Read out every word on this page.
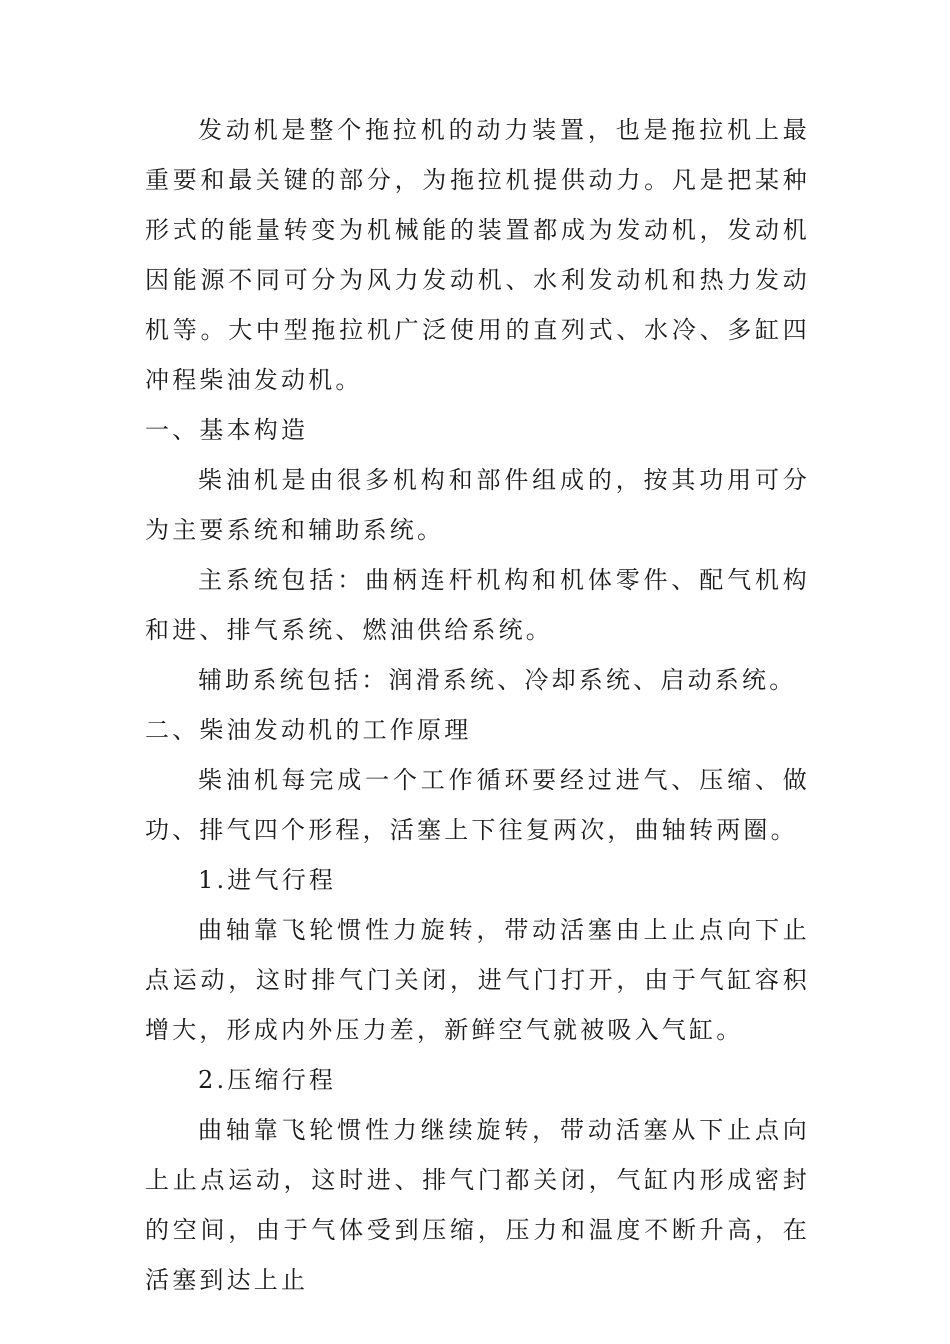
发动机是整个拖拉机的动力装置，也是拖拉机上最重要和最关键的部分，为拖拉机提供动力。凡是把某种形式的能量转变为机械能的装置都成为发动机，发动机因能源不同可分为风力发动机、水利发动机和热力发动机等。大中型拖拉机广泛使用的直列式、水冷、多缸四冲程柴油发动机。

一、基本构造

柴油机是由很多机构和部件组成的，按其功用可分为主要系统和辅助系统。

主系统包括：曲柄连杆机构和机体零件、配气机构和进、排气系统、燃油供给系统。

辅助系统包括：润滑系统、冷却系统、启动系统。

二、柴油发动机的工作原理

柴油机每完成一个工作循环要经过进气、压缩、做功、排气四个形程，活塞上下往复两次，曲轴转两圈。

1.进气行程

曲轴靠飞轮惯性力旋转，带动活塞由上止点向下止点运动，这时排气门关闭，进气门打开，由于气缸容积增大，形成内外压力差，新鲜空气就被吸入气缸。

2.压缩行程

曲轴靠飞轮惯性力继续旋转，带动活塞从下止点向上止点运动，这时进、排气门都关闭，气缸内形成密封的空间，由于气体受到压缩，压力和温度不断升高，在活塞到达上止
